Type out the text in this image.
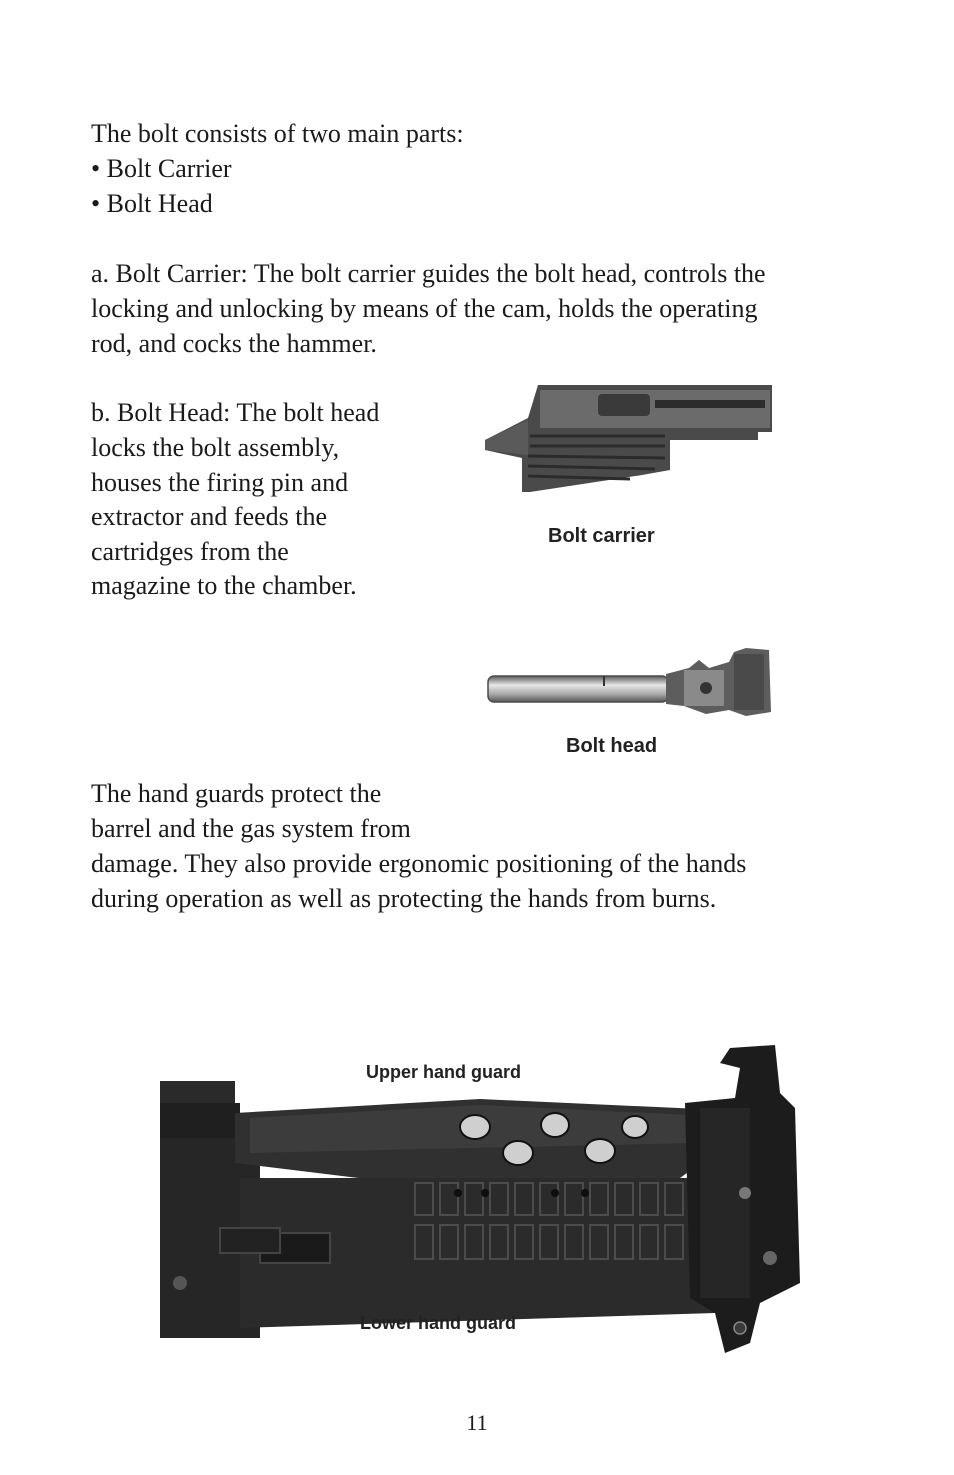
The bolt consists of two main parts:

• Bolt Carrier

• Bolt Head

a. Bolt Carrier: The bolt carrier guides the bolt head, controls the

locking and unlocking by means of the cam, holds the operating

rod, and cocks the hammer.

b. Bolt Head: The bolt head

locks the bolt assembly,

houses the firing pin and

extractor and feeds the

cartridges from the

magazine to the chamber.

Bolt carrier
Bolt head

The hand guards protect the

barrel and the gas system from

damage. They also provide ergonomic positioning of the hands

during operation as well as protecting the hands from burns.

Upper hand guard
Lower hand guard
11
